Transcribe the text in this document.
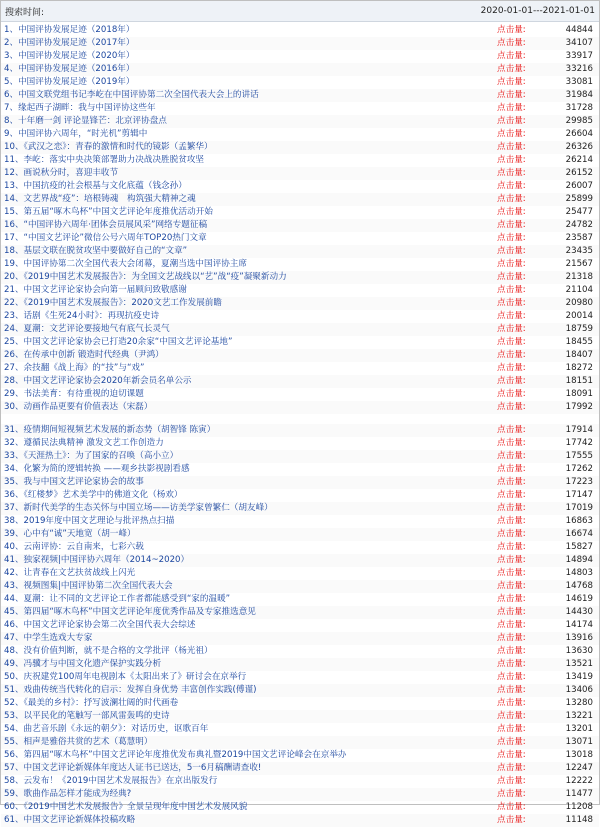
搜索时间:	2020-01-01---2021-01-01
1、中国评协发展足迹（2018年）	点击量:	44844
2、中国评协发展足迹（2017年）	点击量:	34107
3、中国评协发展足迹（2020年）	点击量:	33917
4、中国评协发展足迹（2016年）	点击量:	33216
5、中国评协发展足迹（2019年）	点击量:	33081
6、中国文联党组书记李屹在中国评协第二次全国代表大会上的讲话	点击量:	31984
7、缘起西子湖畔：我与中国评协这些年	点击量:	31728
8、十年磨一剑 评论显锋芒：北京评协盘点	点击量:	29985
9、中国评协六周年，“时光机”剪辑中	点击量:	26604
10、《武汉之恋》：青春的激情和时代的镜影（孟繁华）	点击量:	26326
11、李屹：落实中央决策部署助力决战决胜脱贫攻坚	点击量:	26214
12、画说秋分时，喜迎丰收节	点击量:	26152
13、中国抗疫的社会根基与文化底蕴（钱念孙）	点击量:	26007
14、文艺界战“疫”：培根铸魂　构筑强大精神之魂	点击量:	25899
15、第五届“啄木鸟杯”中国文艺评论年度推优活动开始	点击量:	25477
16、“中国评协六周年·团体会员展风采”网络专题征稿	点击量:	24782
17、“中国文艺评论”微信公号六周年TOP20热门文章	点击量:	23587
18、基层文联在脱贫攻坚中要做好自己的“文章”	点击量:	23435
19、中国评协第二次全国代表大会闭幕，夏潮当选中国评协主席	点击量:	21567
20、《2019中国艺术发展报告》：为全国文艺战线以“艺”战“疫”凝聚新动力	点击量:	21318
21、中国文艺评论家协会向第一届顾问致敬感谢	点击量:	21104
22、《2019中国艺术发展报告》：2020文艺工作发展前瞻	点击量:	20980
23、话剧《生死24小时》：再现抗疫史诗	点击量:	20014
24、夏潮：文艺评论要接地气有底气长灵气	点击量:	18759
25、中国文艺评论家协会已打造20余家“中国文艺评论基地”	点击量:	18455
26、在传承中创新 锻造时代经典（尹鸿）	点击量:	18407
27、余技翻《战上海》的“技”与“戏”	点击量:	18272
28、中国文艺评论家协会2020年新会员名单公示	点击量:	18151
29、书法美育：有待重视的迫切课题	点击量:	18091
30、动画作品更要有价值表达（宋磊）	点击量:	17992
31、疫情期间短视频艺术发展的新态势（胡智锋 陈寅）	点击量:	17914
32、遵循民法典精神 激发文艺工作创造力	点击量:	17742
33、《天涯热土》：为了国家的召唤（高小立）	点击量:	17555
34、化繁为简的逻辑转换 ——观乡扶影视剧看感	点击量:	17262
35、我与中国文艺评论家协会的故事	点击量:	17223
36、《红楼梦》艺术美学中的佛道文化（杨欢）	点击量:	17147
37、新时代美学的生态关怀与中国立场——访美学家曾繁仁（胡友峰）	点击量:	17019
38、2019年度中国文艺理论与批评热点扫描	点击量:	16863
39、心中有“诚”天地宽（胡一峰）	点击量:	16674
40、云南评协：云自南来，七彩六载	点击量:	15827
41、独家视频|中国评协六周年（2014~2020）	点击量:	14894
42、让青春在文艺扶贫战线上闪光	点击量:	14803
43、视频图集|中国评协第二次全国代表大会	点击量:	14768
44、夏潮：让不同的文艺评论工作者都能感受到“家的温暖”	点击量:	14619
45、第四届“啄木鸟杯”中国文艺评论年度优秀作品及专家推选意见	点击量:	14430
46、中国文艺评论家协会第二次全国代表大会综述	点击量:	14174
47、中学生选戏大专家	点击量:	13916
48、没有价值判断，就不是合格的文学批评（杨光祖）	点击量:	13630
49、冯骥才与中国文化遗产保护实践分析	点击量:	13521
50、庆祝建党100周年电视剧本《太阳出来了》研讨会在京举行	点击量:	13419
51、戏曲传统当代转化的启示：发挥自身优势 丰富创作实践(傅谨)	点击量:	13406
52、《最美的乡村》：抒写波澜壮阔的时代画卷	点击量:	13280
53、以平民化的笔触写一部风雷轰鸣的史诗	点击量:	13221
54、曲艺音乐剧《永远的朝夕》：对话历史，讴歌百年	点击量:	13201
55、相声是雅俗共赏的艺术（葛慧明）	点击量:	13071
56、第四届“啄木鸟杯”中国文艺评论年度推优发布典礼暨2019中国文艺评论峰会在京举办	点击量:	13018
57、中国文艺评论新媒体年度达人证书已送达，5一6月稿酬请查收!	点击量:	12247
58、云发布！《2019中国艺术发展报告》在京出版发行	点击量:	12222
59、歌曲作品怎样才能成为经典?	点击量:	11477
60、《2019中国艺术发展报告》全景呈现年度中国艺术发展风貌	点击量:	11208
61、中国文艺评论新媒体投稿攻略	点击量:	11148
